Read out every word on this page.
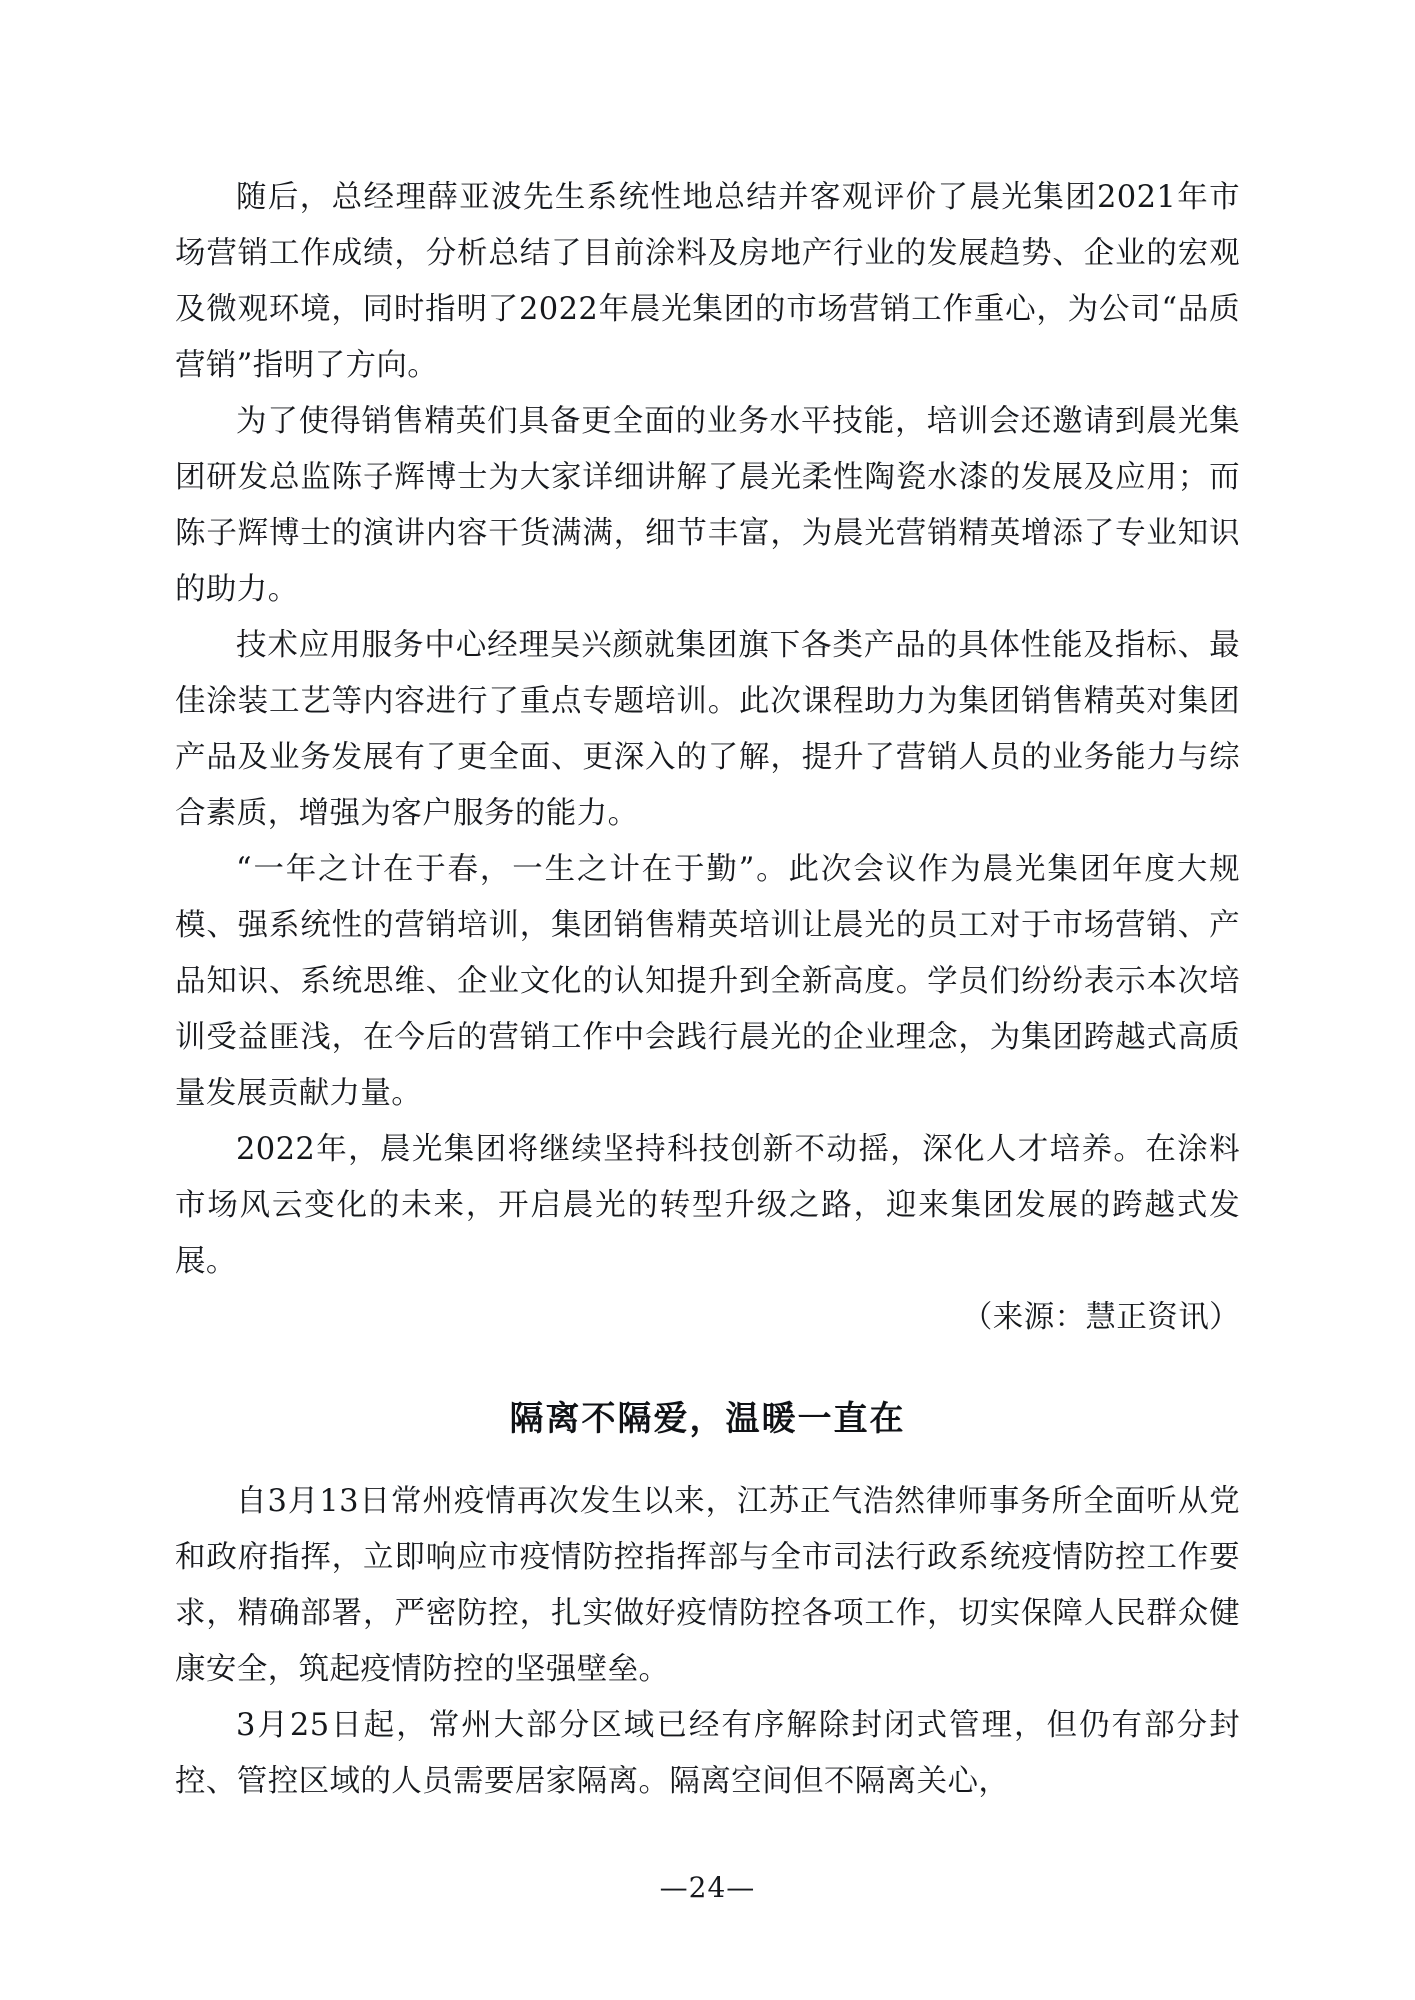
随后，总经理薛亚波先生系统性地总结并客观评价了晨光集团2021年市场营销工作成绩，分析总结了目前涂料及房地产行业的发展趋势、企业的宏观及微观环境，同时指明了2022年晨光集团的市场营销工作重心，为公司“品质营销”指明了方向。

为了使得销售精英们具备更全面的业务水平技能，培训会还邀请到晨光集团研发总监陈子辉博士为大家详细讲解了晨光柔性陶瓷水漆的发展及应用；而陈子辉博士的演讲内容干货满满，细节丰富，为晨光营销精英增添了专业知识的助力。

技术应用服务中心经理吴兴颜就集团旗下各类产品的具体性能及指标、最佳涂装工艺等内容进行了重点专题培训。此次课程助力为集团销售精英对集团产品及业务发展有了更全面、更深入的了解，提升了营销人员的业务能力与综合素质，增强为客户服务的能力。

“一年之计在于春，一生之计在于勤”。此次会议作为晨光集团年度大规模、强系统性的营销培训，集团销售精英培训让晨光的员工对于市场营销、产品知识、系统思维、企业文化的认知提升到全新高度。学员们纷纷表示本次培训受益匪浅，在今后的营销工作中会践行晨光的企业理念，为集团跨越式高质量发展贡献力量。

2022年，晨光集团将继续坚持科技创新不动摇，深化人才培养。在涂料市场风云变化的未来，开启晨光的转型升级之路，迎来集团发展的跨越式发展。

（来源：慧正资讯）

隔离不隔爱，温暖一直在

自3月13日常州疫情再次发生以来，江苏正气浩然律师事务所全面听从党和政府指挥，立即响应市疫情防控指挥部与全市司法行政系统疫情防控工作要求，精确部署，严密防控，扎实做好疫情防控各项工作，切实保障人民群众健康安全，筑起疫情防控的坚强壁垒。

3月25日起，常州大部分区域已经有序解除封闭式管理，但仍有部分封控、管控区域的人员需要居家隔离。隔离空间但不隔离关心，

—24—
